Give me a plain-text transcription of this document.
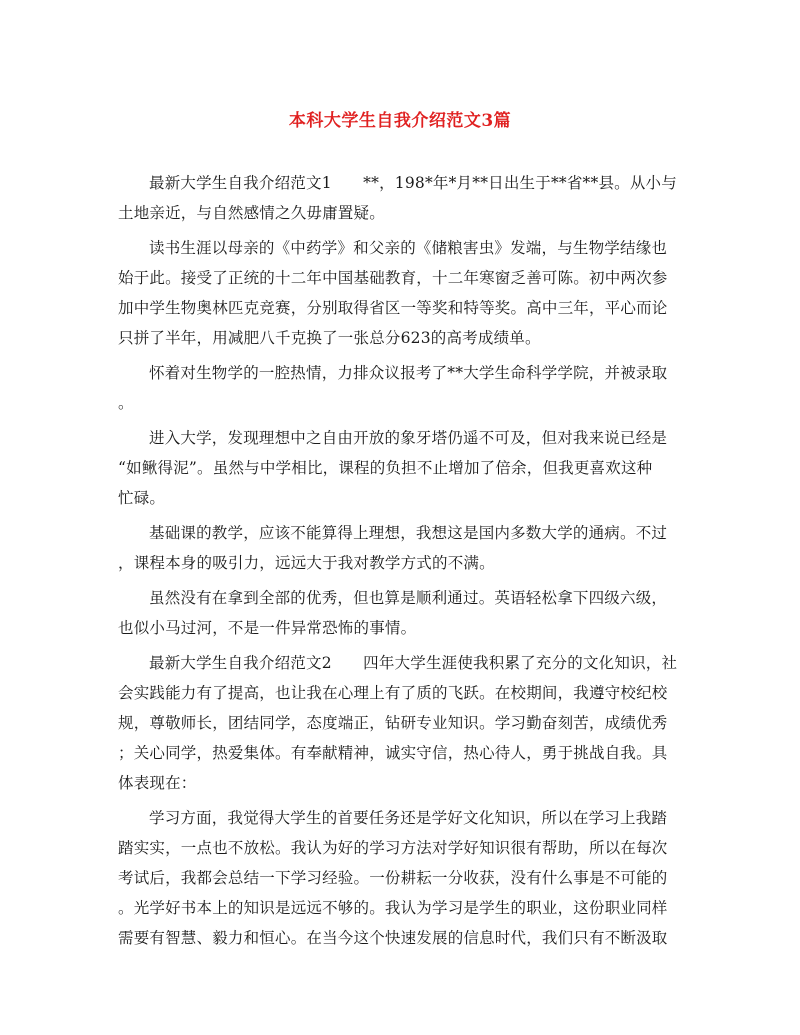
本科大学生自我介绍范文3篇
最新大学生自我介绍范文1　　**，198*年*月**日出生于**省**县。从小与
土地亲近，与自然感情之久毋庸置疑。
读书生涯以母亲的《中药学》和父亲的《储粮害虫》发端，与生物学结缘也
始于此。接受了正统的十二年中国基础教育，十二年寒窗乏善可陈。初中两次参
加中学生物奥林匹克竞赛，分别取得省区一等奖和特等奖。高中三年，平心而论
只拼了半年，用减肥八千克换了一张总分623的高考成绩单。
怀着对生物学的一腔热情，力排众议报考了**大学生命科学学院，并被录取
。
进入大学，发现理想中之自由开放的象牙塔仍遥不可及，但对我来说已经是
“如鳅得泥”。虽然与中学相比，课程的负担不止增加了倍余，但我更喜欢这种
忙碌。
基础课的教学，应该不能算得上理想，我想这是国内多数大学的通病。不过
，课程本身的吸引力，远远大于我对教学方式的不满。
虽然没有在拿到全部的优秀，但也算是顺利通过。英语轻松拿下四级六级，
也似小马过河，不是一件异常恐怖的事情。
最新大学生自我介绍范文2　　四年大学生涯使我积累了充分的文化知识，社
会实践能力有了提高，也让我在心理上有了质的飞跃。在校期间，我遵守校纪校
规，尊敬师长，团结同学，态度端正，钻研专业知识。学习勤奋刻苦，成绩优秀
；关心同学，热爱集体。有奉献精神，诚实守信，热心待人，勇于挑战自我。具
体表现在：
学习方面，我觉得大学生的首要任务还是学好文化知识，所以在学习上我踏
踏实实，一点也不放松。我认为好的学习方法对学好知识很有帮助，所以在每次
考试后，我都会总结一下学习经验。一份耕耘一分收获，没有什么事是不可能的
。光学好书本上的知识是远远不够的。我认为学习是学生的职业，这份职业同样
需要有智慧、毅力和恒心。在当今这个快速发展的信息时代，我们只有不断汲取
